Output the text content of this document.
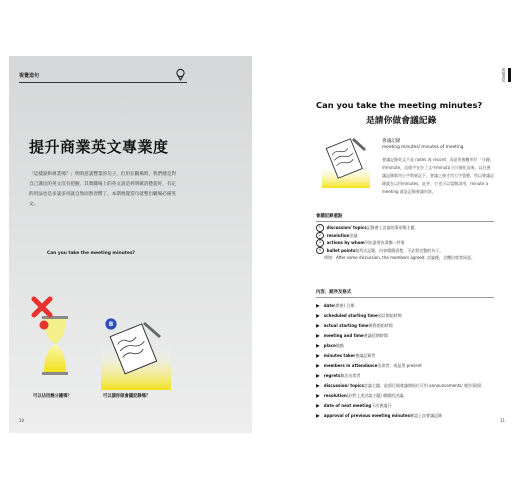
視覺造句
提升商業英文專業度
「這樣說夠專業嗎？」明明意談豐業的句子，但用在職場時，我們總是對自己講出的英文沒有把握，其實職場上的英文說是經明確清楚超好，有定的用法也是多談多用就自然而然習慣了，本期視覺造句就整出職場必備英文。
Can you take the meeting minutes?
可以佔用幾分鐘嗎？
B
可以請你做會議記錄嗎？
10
視覺造句
Can you take the meeting minutes?
是請你做會議記錄
會議記錄
meeting minutes/ minutes of meeting
會議記錄英文不是 notes 或 record，而是用複數形位「分鐘」的minute，這個字在拉丁文中minuta (小)演化而來，以往會議記錄都用小字寫東記下，會議之後才用大字重謄，所以會議記錄就在以用minutes，此外，它也可以當動詞用，minute a meeting 就是記錄會議內容。
會議記錄重點
1	discussion/ topics 記錄會上討論的事項與主題
2	resolution 決議
3	actions by whom 列出誰要負責哪一件事
4	bullet points 點列式記錄，內容精簡清楚，不必寫完整的句子。
例如：After some discussion, the members agreed. 討論後，全體出席者同意。
內容、順序及格式
date (開會) 日期
scheduled starting time 預計開始時間
actual starting time 實際開始時間
meeting and time 會議延期時間
place 地點
minutes taker 會議記錄者
members in attendance 出席者，或是用 present
regrets 無法出席者
discussion/ topics 討論主題，此項目與會議開始位可用 announcements/ 報告事項)
resolution (針對上述討論主題) 總總的決議。
date of next meeting 下次會議日
approval of previous meeting minutes 確認上次會議記錄
11
